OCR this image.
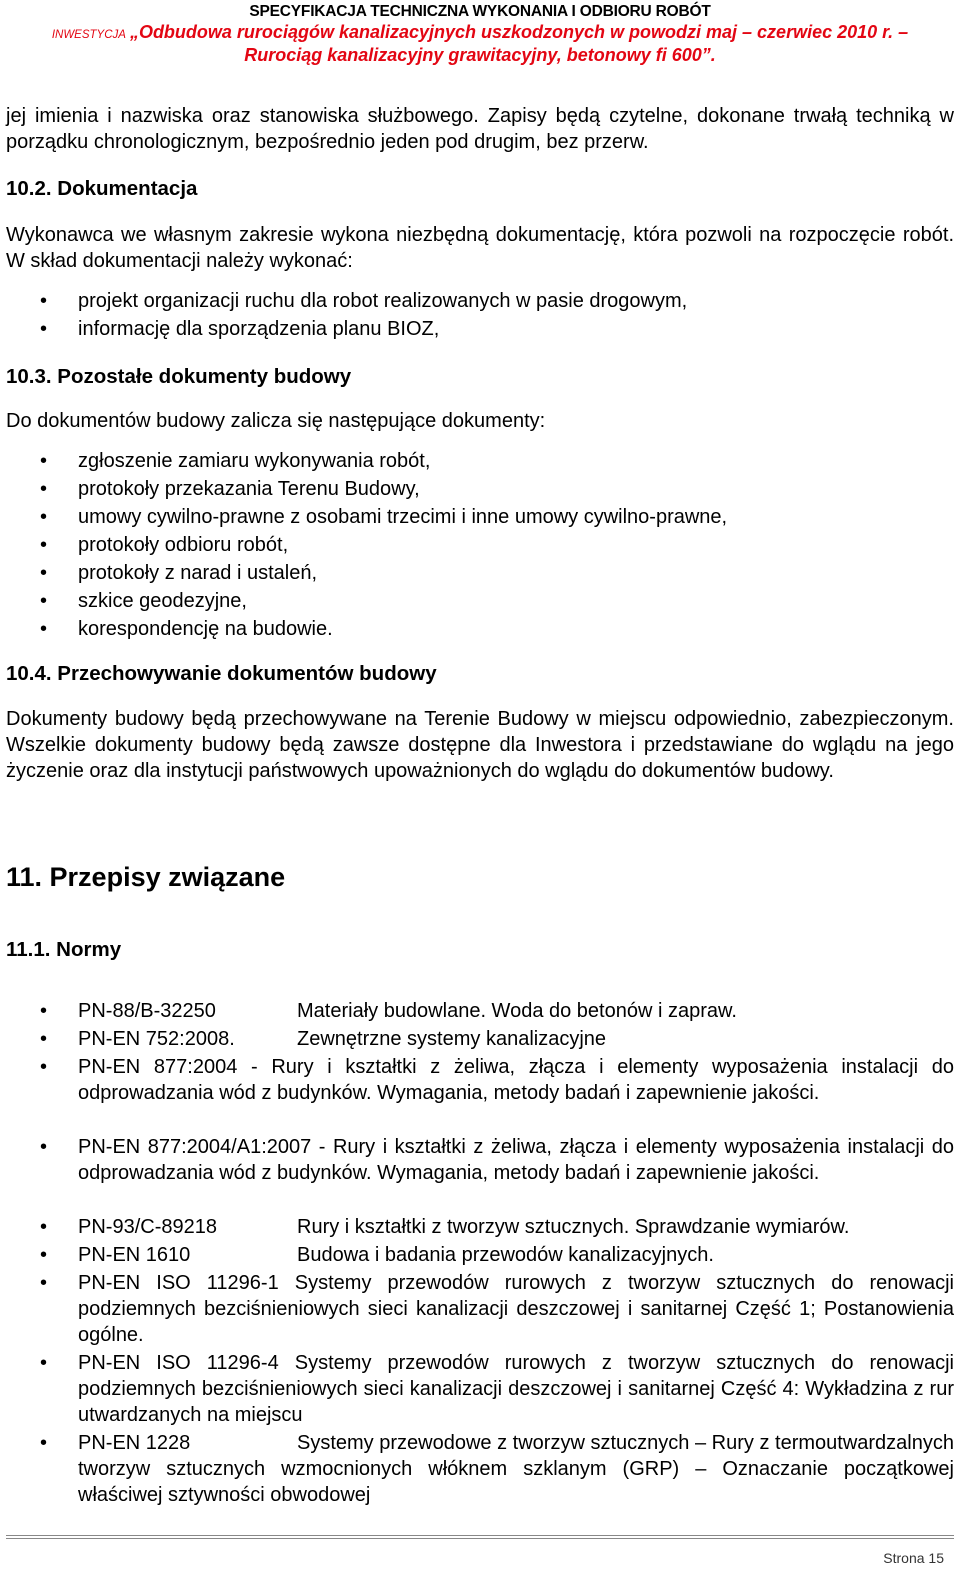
SPECYFIKACJA TECHNICZNA WYKONANIA I ODBIORU ROBÓT
INWESTYCJA „Odbudowa rurociągów kanalizacyjnych uszkodzonych w powodzi maj – czerwiec 2010 r. –
Rurociąg kanalizacyjny grawitacyjny, betonowy fi 600”.

jej imienia i nazwiska oraz stanowiska służbowego. Zapisy będą czytelne, dokonane trwałą techniką w porządku chronologicznym, bezpośrednio jeden pod drugim, bez przerw.

10.2. Dokumentacja

Wykonawca we własnym zakresie wykona niezbędną dokumentację, która pozwoli na rozpoczęcie robót. W skład dokumentacji należy wykonać:

• projekt organizacji ruchu dla robot realizowanych w pasie drogowym,
• informację dla sporządzenia planu BIOZ,
10.3. Pozostałe dokumenty budowy

Do dokumentów budowy zalicza się następujące dokumenty:

• zgłoszenie zamiaru wykonywania robót,
• protokoły przekazania Terenu Budowy,
• umowy cywilno-prawne z osobami trzecimi i inne umowy cywilno-prawne,
• protokoły odbioru robót,
• protokoły z narad i ustaleń,
• szkice geodezyjne,
• korespondencję na budowie.
10.4. Przechowywanie dokumentów budowy

Dokumenty budowy będą przechowywane na Terenie Budowy w miejscu odpowiednio, zabezpieczonym. Wszelkie dokumenty budowy będą zawsze dostępne dla Inwestora i przedstawiane do wglądu na jego życzenie oraz dla instytucji państwowych upoważnionych do wglądu do dokumentów budowy.

11. Przepisy związane
11.1. Normy
• PN-88/B-32250	Materiały budowlane. Woda do betonów i zapraw.
• PN-EN 752:2008.	Zewnętrzne systemy kanalizacyjne
• PN-EN 877:2004 - Rury i kształtki z żeliwa, złącza i elementy wyposażenia instalacji do odprowadzania wód z budynków. Wymagania, metody badań i zapewnienie jakości.
• PN-EN 877:2004/A1:2007 - Rury i kształtki z żeliwa, złącza i elementy wyposażenia instalacji do odprowadzania wód z budynków. Wymagania, metody badań i zapewnienie jakości.
• PN-93/C-89218	Rury i kształtki z tworzyw sztucznych. Sprawdzanie wymiarów.
• PN-EN 1610	Budowa i badania przewodów kanalizacyjnych.
• PN-EN ISO 11296-1 Systemy przewodów rurowych z tworzyw sztucznych do renowacji podziemnych bezciśnieniowych sieci kanalizacji deszczowej i sanitarnej Część 1; Postanowienia ogólne.
• PN-EN ISO 11296-4 Systemy przewodów rurowych z tworzyw sztucznych do renowacji podziemnych bezciśnieniowych sieci kanalizacji deszczowej i sanitarnej Część 4: Wykładzina z rur utwardzanych na miejscu
• PN-EN 1228	Systemy przewodowe z tworzyw sztucznych – Rury z termoutwardzalnych tworzyw sztucznych wzmocnionych włóknem szklanym (GRP) – Oznaczanie początkowej właściwej sztywności obwodowej
Strona 15
